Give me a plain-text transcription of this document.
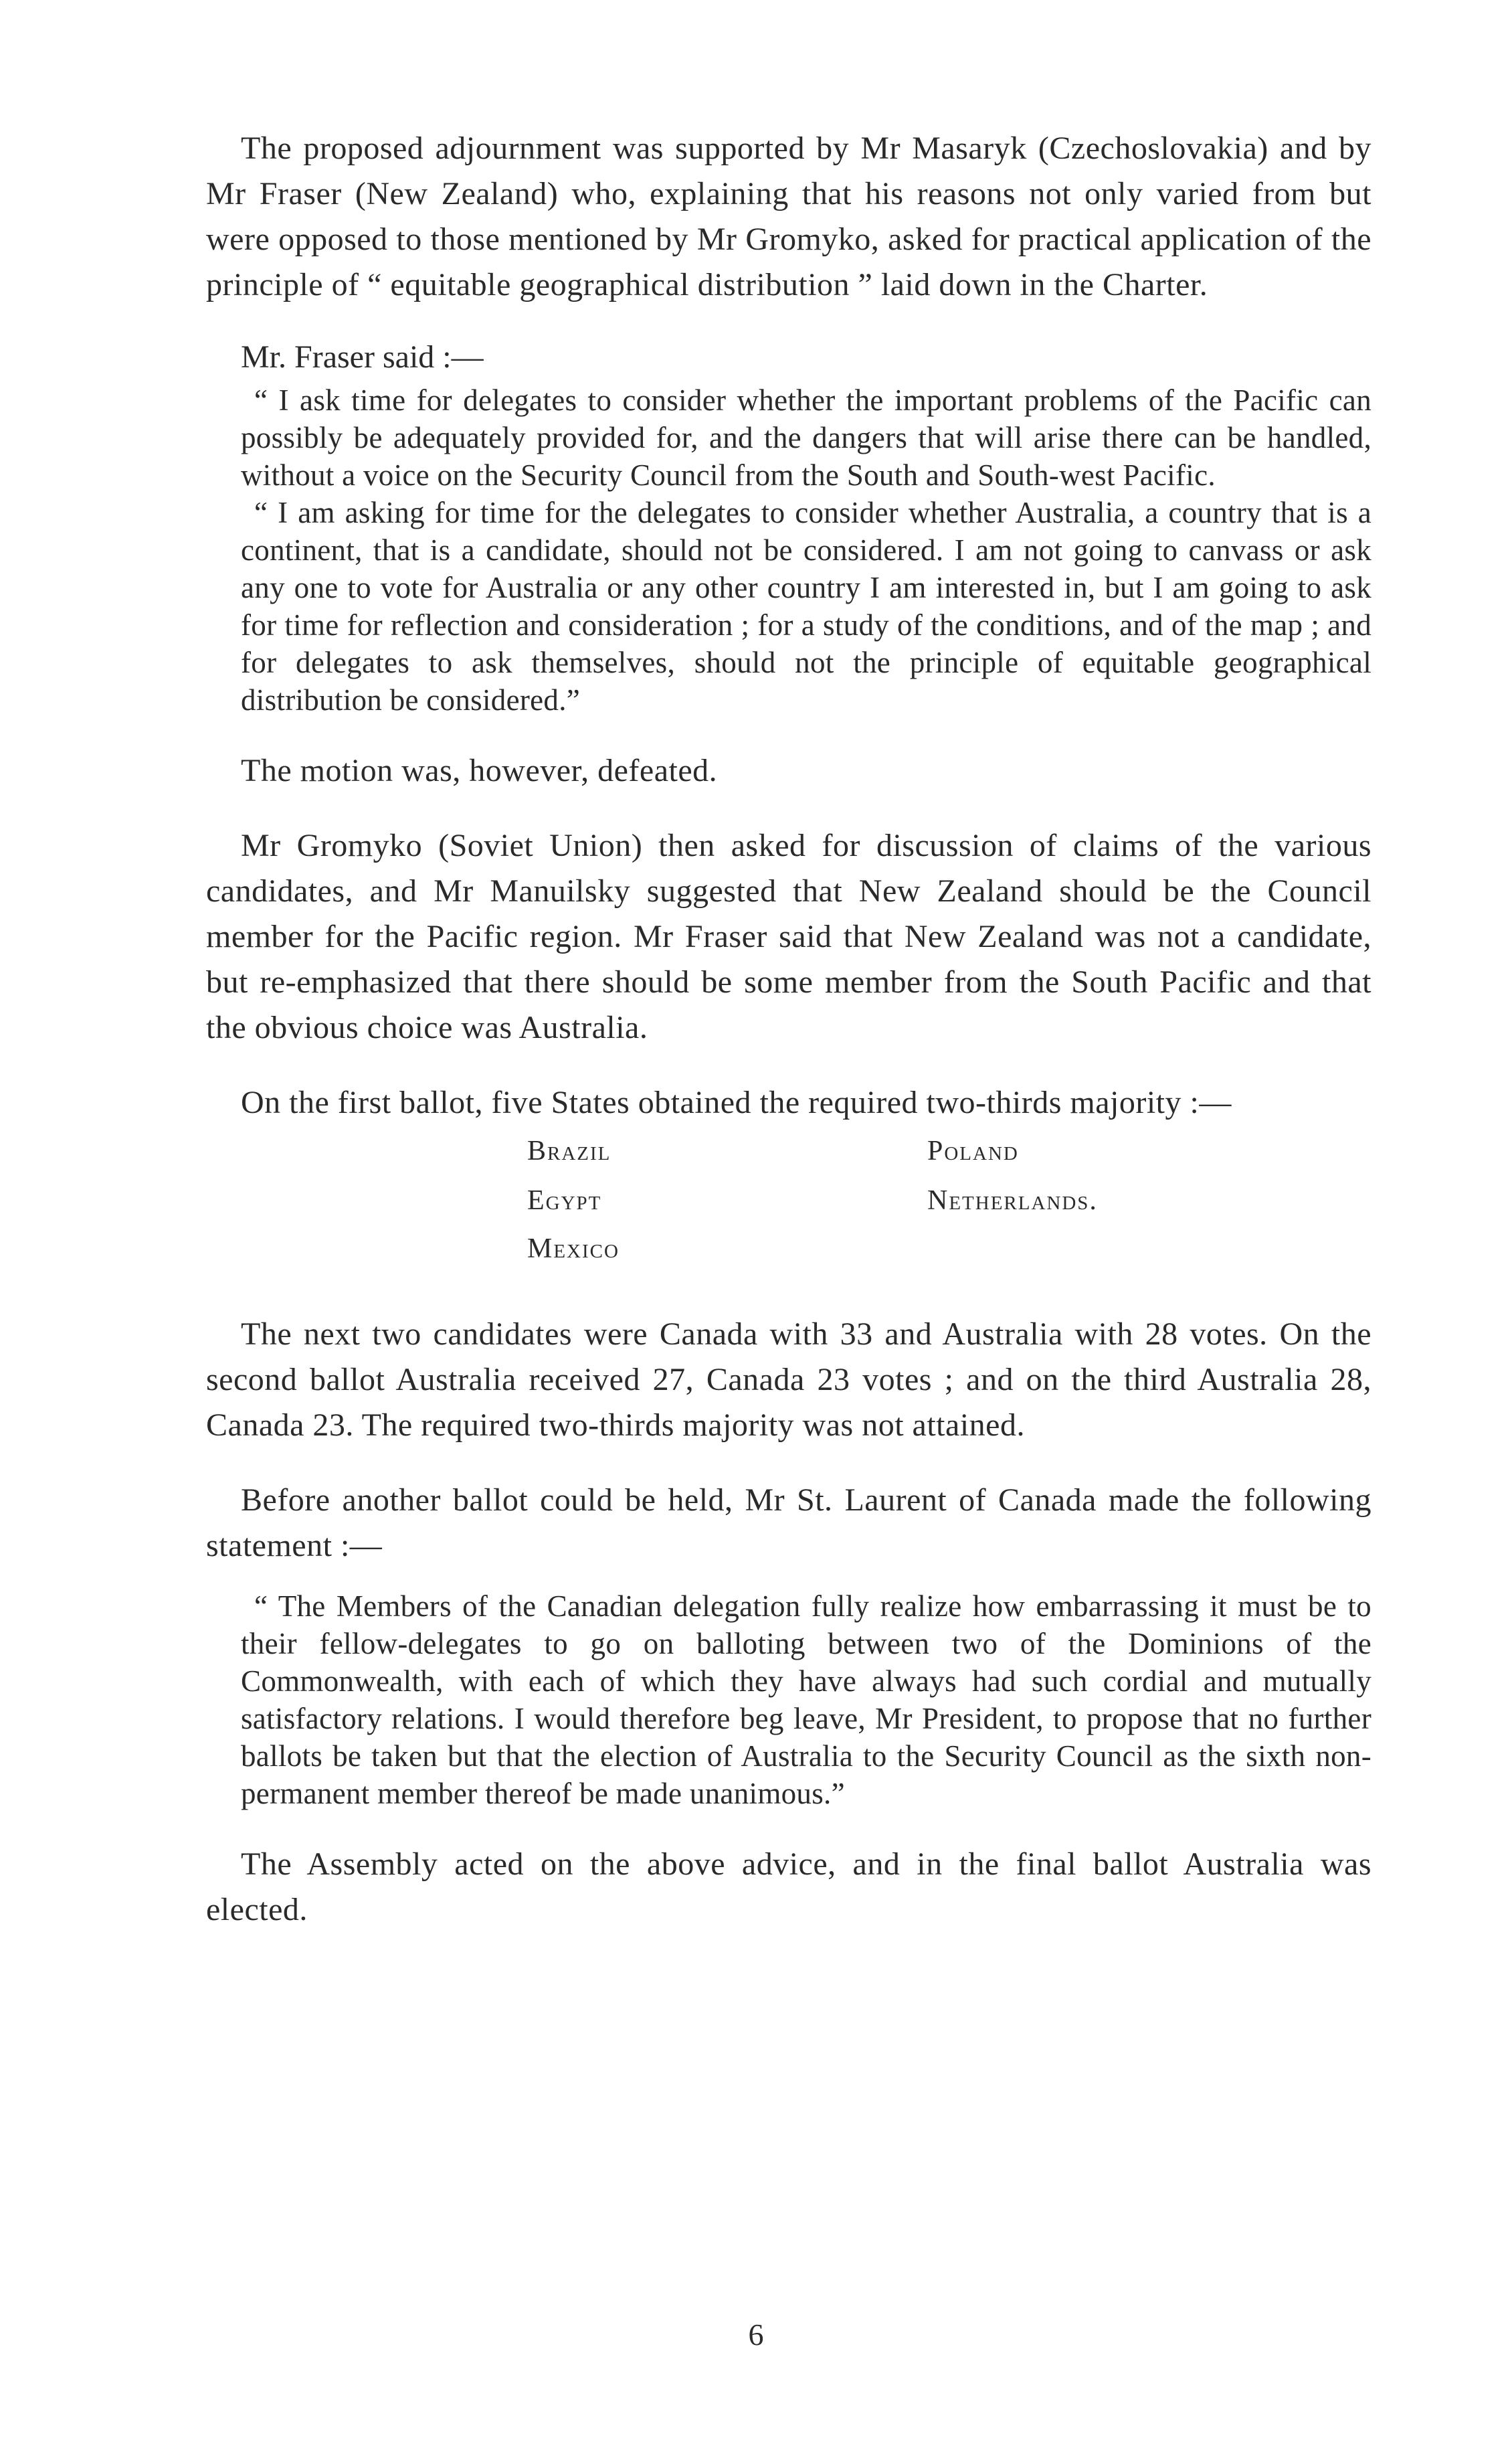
The proposed adjournment was supported by Mr Masaryk (Czechoslovakia) and by Mr Fraser (New Zealand) who, explaining that his reasons not only varied from but were opposed to those mentioned by Mr Gromyko, asked for practical application of the principle of “ equitable geographical distribution ” laid down in the Charter.

Mr. Fraser said :—

“ I ask time for delegates to consider whether the important problems of the Pacific can possibly be adequately provided for, and the dangers that will arise there can be handled, without a voice on the Security Council from the South and South-west Pacific.

“ I am asking for time for the delegates to consider whether Australia, a country that is a continent, that is a candidate, should not be considered. I am not going to canvass or ask any one to vote for Australia or any other country I am interested in, but I am going to ask for time for reflection and consideration ; for a study of the conditions, and of the map ; and for delegates to ask themselves, should not the principle of equitable geographical distribution be considered.”

The motion was, however, defeated.

Mr Gromyko (Soviet Union) then asked for discussion of claims of the various candidates, and Mr Manuilsky suggested that New Zealand should be the Council member for the Pacific region. Mr Fraser said that New Zealand was not a candidate, but re-emphasized that there should be some member from the South Pacific and that the obvious choice was Australia.

On the first ballot, five States obtained the required two-thirds majority :—

Brazil	Poland
Egypt	Netherlands.
Mexico

The next two candidates were Canada with 33 and Australia with 28 votes. On the second ballot Australia received 27, Canada 23 votes ; and on the third Australia 28, Canada 23. The required two-thirds majority was not attained.

Before another ballot could be held, Mr St. Laurent of Canada made the following statement :—

“ The Members of the Canadian delegation fully realize how embarrassing it must be to their fellow-delegates to go on balloting between two of the Dominions of the Commonwealth, with each of which they have always had such cordial and mutually satisfactory relations. I would therefore beg leave, Mr President, to propose that no further ballots be taken but that the election of Australia to the Security Council as the sixth non-permanent member thereof be made unanimous.”

The Assembly acted on the above advice, and in the final ballot Australia was elected.

6
